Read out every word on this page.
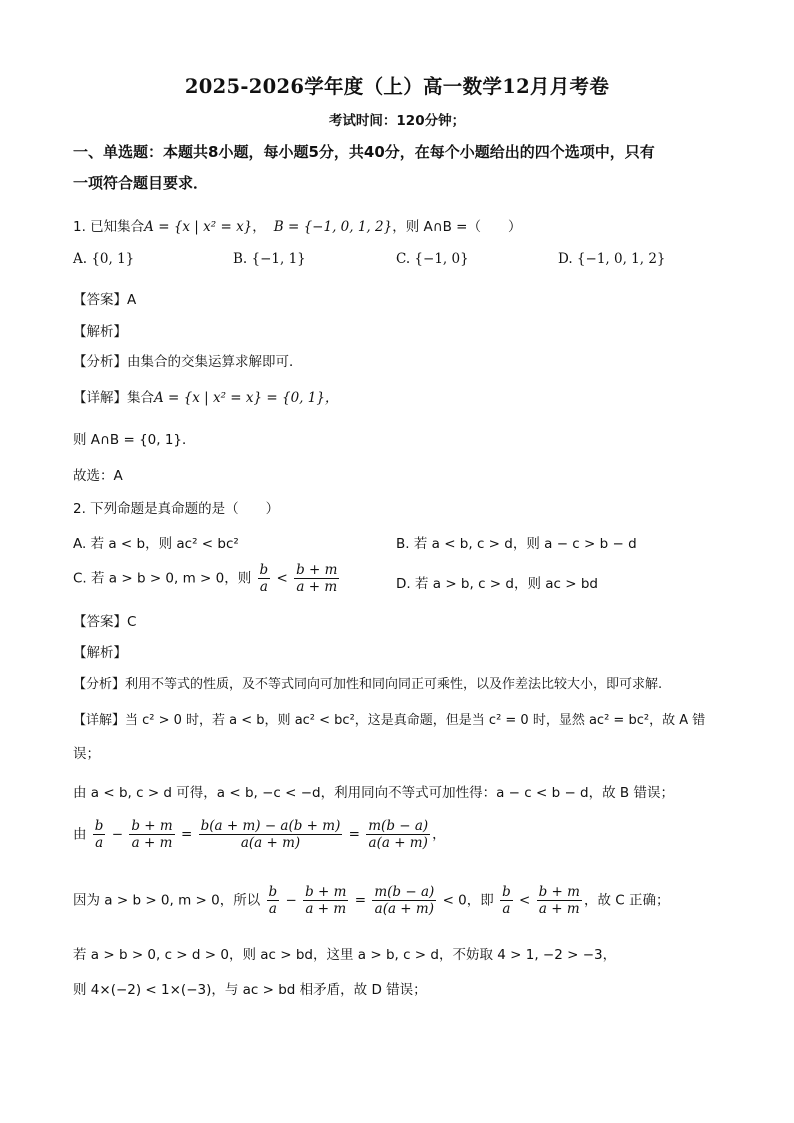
2025-2026学年度（上）高一数学12月月考卷
考试时间：120分钟；
一、单选题：本题共8小题，每小题5分，共40分，在每个小题给出的四个选项中，只有
一项符合题目要求．
1. 已知集合A = {x | x² = x}， B = {−1, 0, 1, 2}，则 A∩B =（　　）
A. {0, 1}	B. {−1, 1}	C. {−1, 0}	D. {−1, 0, 1, 2}
【答案】A
【解析】
【分析】由集合的交集运算求解即可．
【详解】集合A = {x | x² = x} = {0, 1}，
则 A∩B = {0, 1}．
故选：A
2. 下列命题是真命题的是（　　）
A. 若 a < b，则 ac² < bc²	B. 若 a < b, c > d，则 a − c > b − d
C. 若 a > b > 0, m > 0，则 $\frac{b}{a} < \frac{b + m}{a + m}$	D. 若 a > b, c > d，则 ac > bd
【答案】C
【解析】
【分析】利用不等式的性质，及不等式同向可加性和同向同正可乘性，以及作差法比较大小，即可求解.
【详解】当 c² > 0 时，若 a < b，则 ac² < bc²，这是真命题，但是当 c² = 0 时，显然 ac² = bc²，故 A 错
误；
由 a < b, c > d 可得，a < b, −c < −d，利用同向不等式可加性得：a − c < b − d，故 B 错误；
由 $\frac{b}{a} - \frac{b + m}{a + m} = \frac{b(a + m) - a(b + m)}{a(a + m)} = \frac{m(b - a)}{a(a + m)}$ ，
因为 a > b > 0, m > 0，所以 $\frac{b}{a} - \frac{b + m}{a + m} = \frac{m(b - a)}{a(a + m)} < 0$，即 $\frac{b}{a} < \frac{b + m}{a + m}$ ，故 C 正确；
若 a > b > 0, c > d > 0，则 ac > bd，这里 a > b, c > d，不妨取 4 > 1, −2 > −3，
则 4×(−2) < 1×(−3)，与 ac > bd 相矛盾，故 D 错误；
